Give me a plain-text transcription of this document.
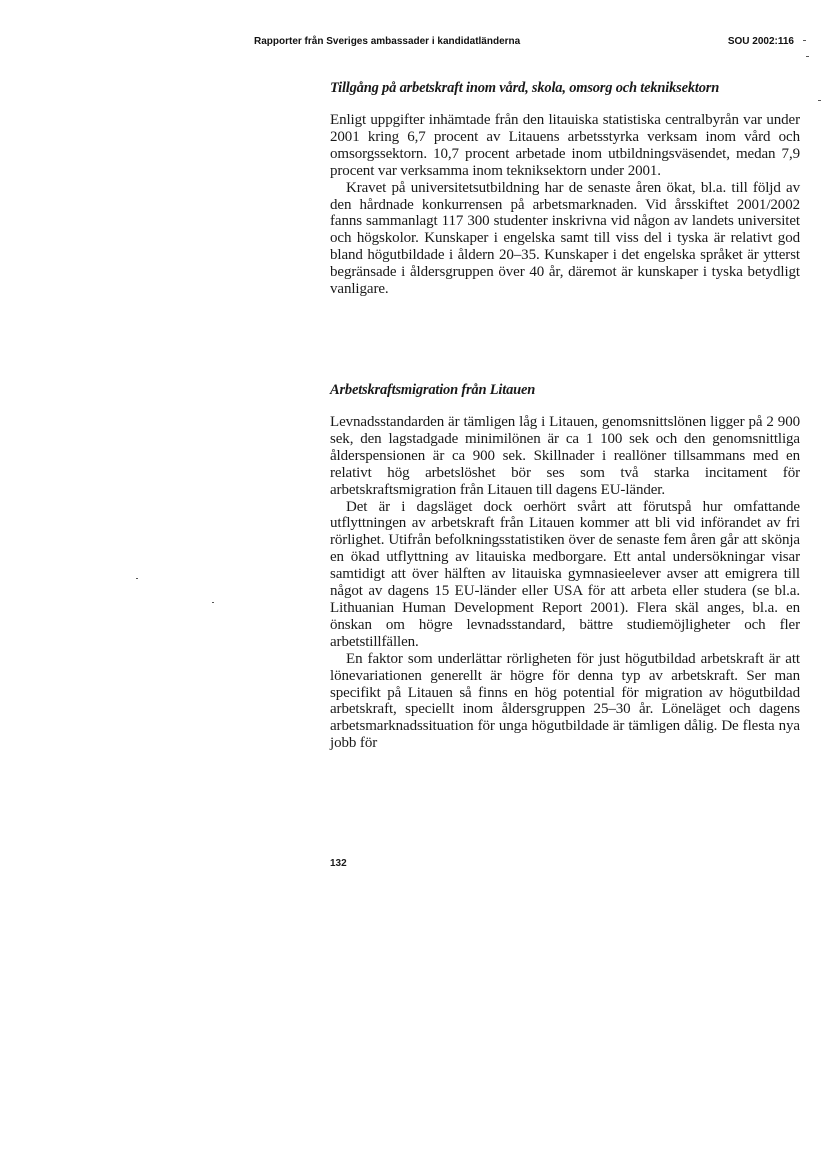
Rapporter från Sveriges ambassader i kandidatländerna	SOU 2002:116
Tillgång på arbetskraft inom vård, skola, omsorg och tekniksektorn

Enligt uppgifter inhämtade från den litauiska statistiska centralbyrån var under 2001 kring 6,7 procent av Litauens arbetsstyrka verksam inom vård och omsorgssektorn. 10,7 procent arbetade inom utbildningsväsendet, medan 7,9 procent var verksamma inom tekniksektorn under 2001.

Kravet på universitetsutbildning har de senaste åren ökat, bl.a. till följd av den hårdnade konkurrensen på arbetsmarknaden. Vid årsskiftet 2001/2002 fanns sammanlagt 117 300 studenter inskrivna vid någon av landets universitet och högskolor. Kunskaper i engelska samt till viss del i tyska är relativt god bland högutbildade i åldern 20–35. Kunskaper i det engelska språket är ytterst begränsade i åldersgruppen över 40 år, däremot är kunskaper i tyska betydligt vanligare.

Arbetskraftsmigration från Litauen

Levnadsstandarden är tämligen låg i Litauen, genomsnittslönen ligger på 2 900 sek, den lagstadgade minimilönen är ca 1 100 sek och den genomsnittliga ålderspensionen är ca 900 sek. Skillnader i reallöner tillsammans med en relativt hög arbetslöshet bör ses som två starka incitament för arbetskraftsmigration från Litauen till dagens EU-länder.

Det är i dagsläget dock oerhört svårt att förutspå hur omfattande utflyttningen av arbetskraft från Litauen kommer att bli vid införandet av fri rörlighet. Utifrån befolkningsstatistiken över de senaste fem åren går att skönja en ökad utflyttning av litauiska medborgare. Ett antal undersökningar visar samtidigt att över hälften av litauiska gymnasieelever avser att emigrera till något av dagens 15 EU-länder eller USA för att arbeta eller studera (se bl.a. Lithuanian Human Development Report 2001). Flera skäl anges, bl.a. en önskan om högre levnadsstandard, bättre studiemöjligheter och fler arbetstillfällen.

En faktor som underlättar rörligheten för just högutbildad arbetskraft är att lönevariationen generellt är högre för denna typ av arbetskraft. Ser man specifikt på Litauen så finns en hög potential för migration av högutbildad arbetskraft, speciellt inom åldersgruppen 25–30 år. Löneläget och dagens arbetsmarknadssituation för unga högutbildade är tämligen dålig. De flesta nya jobb för

132
